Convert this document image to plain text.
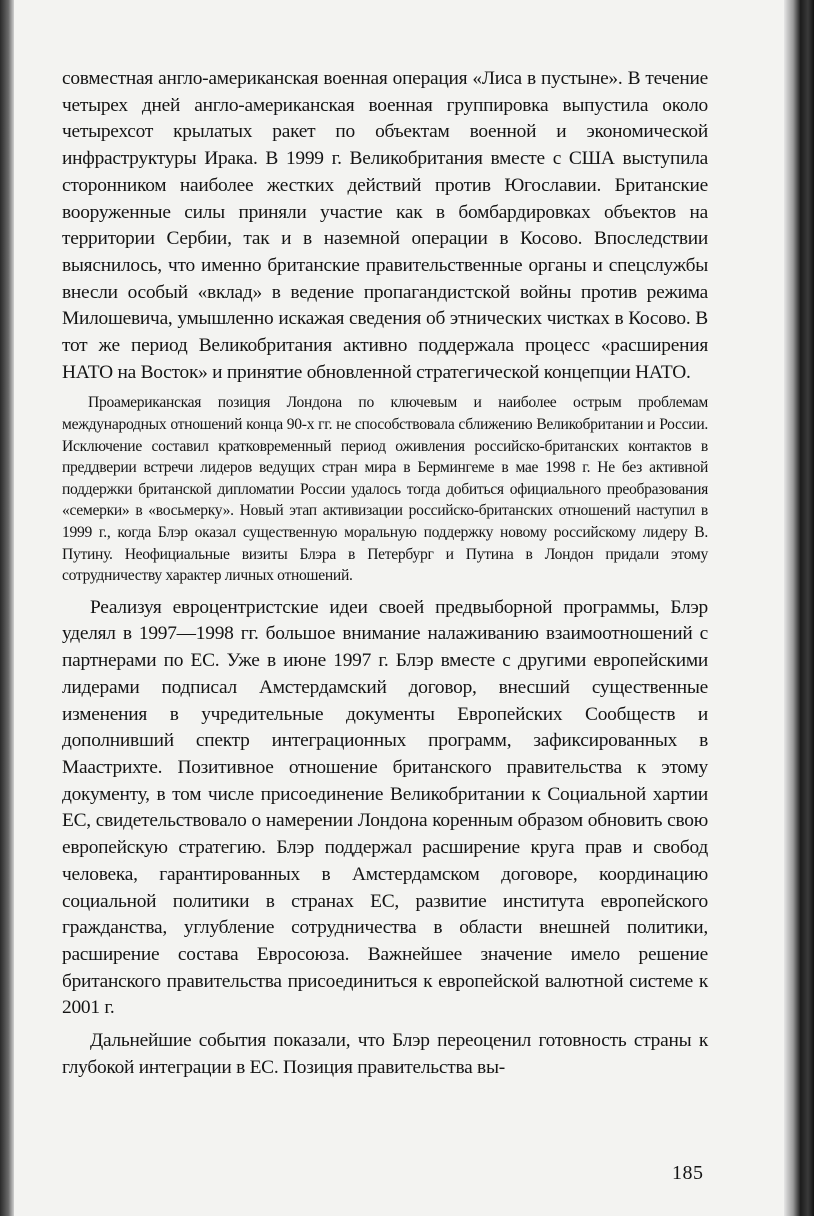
совместная англо-американская военная операция «Лиса в пустыне». В течение четырех дней англо-американская военная группировка выпустила около четырехсот крылатых ракет по объектам военной и экономической инфраструктуры Ирака. В 1999 г. Великобритания вместе с США выступила сторонником наиболее жестких действий против Югославии. Британские вооруженные силы приняли участие как в бомбардировках объектов на территории Сербии, так и в наземной операции в Косово. Впоследствии выяснилось, что именно британские правительственные органы и спецслужбы внесли особый «вклад» в ведение пропагандистской войны против режима Милошевича, умышленно искажая сведения об этнических чистках в Косово. В тот же период Великобритания активно поддержала процесс «расширения НАТО на Восток» и принятие обновленной стратегической концепции НАТО.

Проамериканская позиция Лондона по ключевым и наиболее острым проблемам международных отношений конца 90-х гг. не способствовала сближению Великобритании и России. Исключение составил кратковременный период оживления российско-британских контактов в преддверии встречи лидеров ведущих стран мира в Бермингеме в мае 1998 г. Не без активной поддержки британской дипломатии России удалось тогда добиться официального преобразования «семерки» в «восьмерку». Новый этап активизации российско-британских отношений наступил в 1999 г., когда Блэр оказал существенную моральную поддержку новому российскому лидеру В. Путину. Неофициальные визиты Блэра в Петербург и Путина в Лондон придали этому сотрудничеству характер личных отношений.

Реализуя евроцентристские идеи своей предвыборной программы, Блэр уделял в 1997—1998 гг. большое внимание налаживанию взаимоотношений с партнерами по ЕС. Уже в июне 1997 г. Блэр вместе с другими европейскими лидерами подписал Амстердамский договор, внесший существенные изменения в учредительные документы Европейских Сообществ и дополнивший спектр интеграционных программ, зафиксированных в Маастрихте. Позитивное отношение британского правительства к этому документу, в том числе присоединение Великобритании к Социальной хартии ЕС, свидетельствовало о намерении Лондона коренным образом обновить свою европейскую стратегию. Блэр поддержал расширение круга прав и свобод человека, гарантированных в Амстердамском договоре, координацию социальной политики в странах ЕС, развитие института европейского гражданства, углубление сотрудничества в области внешней политики, расширение состава Евросоюза. Важнейшее значение имело решение британского правительства присоединиться к европейской валютной системе к 2001 г.

Дальнейшие события показали, что Блэр переоценил готовность страны к глубокой интеграции в ЕС. Позиция правительства вы-

185
